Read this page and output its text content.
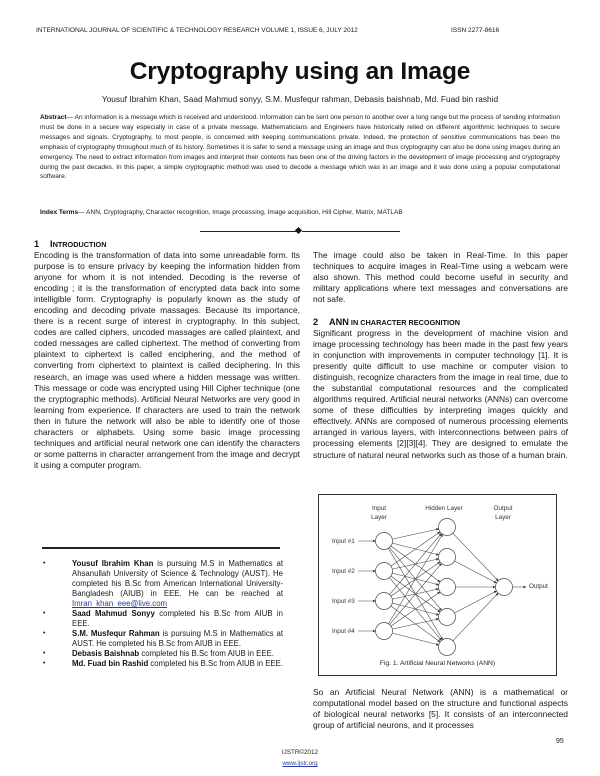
INTERNATIONAL JOURNAL OF SCIENTIFIC & TECHNOLOGY RESEARCH VOLUME 1, ISSUE 6, JULY 2012	ISSN 2277-8616
Cryptography using an Image
Yousuf Ibrahim Khan, Saad Mahmud sonyy, S.M. Musfequr rahman, Debasis baishnab, Md. Fuad bin rashid
Abstract— An information is a message which is received and understood. Information can be sent one person to another over a long range but the process of sending information must be done in a secure way especially in case of a private message. Mathematicians and Engineers have historically relied on different algorithmic techniques to secure messages and signals. Cryptography, to most people, is concerned with keeping communications private. Indeed, the protection of sensitive communications has been the emphasis of cryptography throughout much of its history. Sometimes it is safer to send a message using an image and thus cryptography can also be done using images during an emergency. The need to extract information from images and interpret their contents has been one of the driving factors in the development of image processing and cryptography during the past decades. In this paper, a simple cryptographic method was used to decode a message which was in an image and it was done using a popular computational software.
Index Terms— ANN, Cryptography, Character recognition, Image processing, Image acquisition, Hill Cipher, Matrix, MATLAB
1 INTRODUCTION

Encoding is the transformation of data into some unreadable form. Its purpose is to ensure privacy by keeping the information hidden from anyone for whom it is not intended. Decoding is the reverse of encoding ; it is the transformation of encrypted data back into some intelligible form. Cryptography is popularly known as the study of encoding and decoding private massages. Because its importance, there is a recent surge of interest in cryptography. In this subject, codes are called ciphers, uncoded massages are called plaintext, and coded messages are called ciphertext. The method of converting from plaintext to ciphertext is called enciphering, and the method of converting from ciphertext to plaintext is called deciphering. In this research, an image was used where a hidden message was written. This message or code was encrypted using Hill Cipher technique (one the cryptographic methods). Artificial Neural Networks are very good in learning from experience. If characters are used to train the network then in future the network will also be able to identify one of those characters or alphabets. Using some basic image processing techniques and artificial neural network one can identify the characters or some patterns in character arrangement from the image and decrypt it using a computer program.

The image could also be taken in Real-Time. In this paper techniques to acquire images in Real-Time using a webcam were also shown. This method could become useful in security and military applications where text messages and conversations are not safe.

2 ANN IN CHARACTER RECOGNITION

Significant progress in the development of machine vision and image processing technology has been made in the past few years in conjunction with improvements in computer technology [1]. It is presently quite difficult to use machine or computer vision to distinguish, recognize characters from the image in real time, due to the substantial computational resources and the complicated algorithms required. Artificial neural networks (ANNs) can overcome some of these difficulties by interpreting images quickly and effectively. ANNs are composed of numerous processing elements arranged in various layers, with interconnections between pairs of processing elements [2][3][4]. They are designed to emulate the structure of natural neural networks such as those of a human brain.

Input
Layer
Hidden Layer	Output
Layer
Input #1
Input #2
Input #3
Input #4
Output
Fig. 1. Artificial Neural Networks (ANN)

So an Artificial Neural Network (ANN) is a mathematical or computational model based on the structure and functional aspects of biological neural networks [5]. It consists of an interconnected group of artificial neurons, and it processes

•	Yousuf Ibrahim Khan is pursuing M.S in Mathematics at Ahsanullah University of Science & Technology (AUST). He completed his B.Sc from American International University-Bangladesh (AIUB) in EEE. He can be reached at Imran_khan_eee@live.com
•	Saad Mahmud Sonyy completed his B.Sc from AIUB in EEE.
•	S.M. Musfequr Rahman is pursuing M.S in Mathematics at AUST. He completed his B.Sc from AIUB in EEE.
•	Debasis Baishnab completed his B.Sc from AIUB in EEE.
•	Md. Fuad bin Rashid completed his B.Sc from AIUB in EEE.
95
IJSTR©2012
www.ijstr.org
